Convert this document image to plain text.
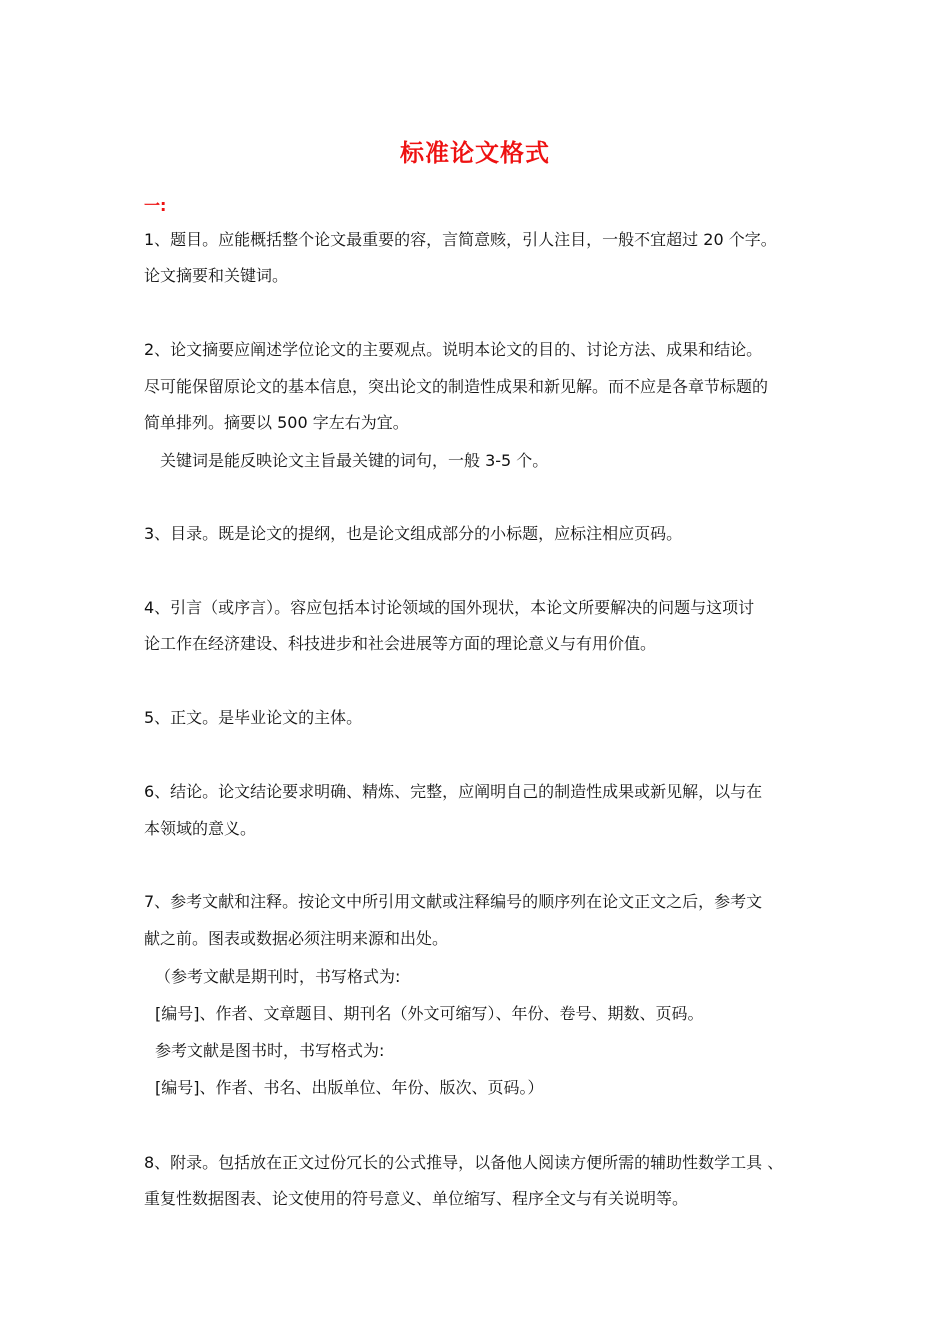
标准论文格式
一:
1、题目。应能概括整个论文最重要的容，言简意赅，引人注目，一般不宜超过 20 个字。
论文摘要和关键词。
2、论文摘要应阐述学位论文的主要观点。说明本论文的目的、讨论方法、成果和结论。
尽可能保留原论文的基本信息，突出论文的制造性成果和新见解。而不应是各章节标题的
简单排列。摘要以 500 字左右为宜。
关键词是能反映论文主旨最关键的词句，一般 3-5 个。
3、目录。既是论文的提纲，也是论文组成部分的小标题，应标注相应页码。
4、引言（或序言）。容应包括本讨论领域的国外现状，本论文所要解决的问题与这项讨
论工作在经济建设、科技进步和社会进展等方面的理论意义与有用价值。
5、正文。是毕业论文的主体。
6、结论。论文结论要求明确、精炼、完整，应阐明自己的制造性成果或新见解，以与在
本领域的意义。
7、参考文献和注释。按论文中所引用文献或注释编号的顺序列在论文正文之后，参考文
献之前。图表或数据必须注明来源和出处。
（参考文献是期刊时，书写格式为:
[编号]、作者、文章题目、期刊名（外文可缩写）、年份、卷号、期数、页码。
参考文献是图书时，书写格式为:
[编号]、作者、书名、出版单位、年份、版次、页码。）
8、附录。包括放在正文过份冗长的公式推导，以备他人阅读方便所需的辅助性数学工具 、
重复性数据图表、论文使用的符号意义、单位缩写、程序全文与有关说明等。
